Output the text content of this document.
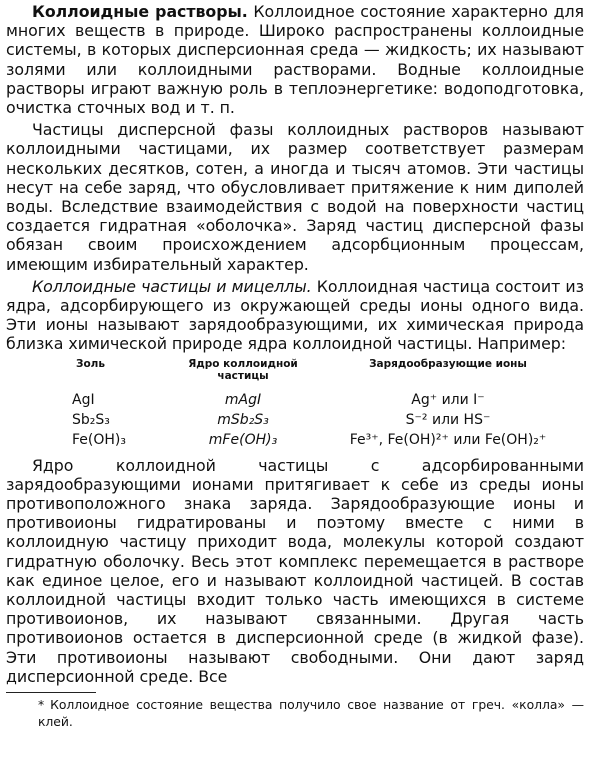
Коллоидные растворы. Коллоидное состояние характерно для многих веществ в природе. Широко распространены коллоидные системы, в которых дисперсионная среда — жидкость; их называют золями или коллоидными растворами. Водные коллоидные растворы играют важную роль в теплоэнергетике: водоподготовка, очистка сточных вод и т. п.

Частицы дисперсной фазы коллоидных растворов называют коллоидными частицами, их размер соответствует размерам нескольких десятков, сотен, а иногда и тысяч атомов. Эти частицы несут на себе заряд, что обусловливает притяжение к ним диполей воды. Вследствие взаимодействия с водой на поверхности частиц создается гидратная «оболочка». Заряд частиц дисперсной фазы обязан своим происхождением адсорбционным процессам, имеющим избирательный характер.

Коллоидные частицы и мицеллы. Коллоидная частица состоит из ядра, адсорбирующего из окружающей среды ионы одного вида. Эти ионы называют зарядообразующими, их химическая природа близка химической природе ядра коллоидной частицы. Например:

Золь	Ядро коллоидной частицы	Зарядообразующие ионы
AgI	mAgI	Ag⁺ или I⁻
Sb₂S₃	mSb₂S₃	S⁻² или HS⁻
Fe(OH)₃	mFe(OH)₃	Fe³⁺, Fe(OH)²⁺ или Fe(OH)₂⁺

Ядро коллоидной частицы с адсорбированными зарядообразующими ионами притягивает к себе из среды ионы противоположного знака заряда. Зарядообразующие ионы и противоионы гидратированы и поэтому вместе с ними в коллоидную частицу приходит вода, молекулы которой создают гидратную оболочку. Весь этот комплекс перемещается в растворе как единое целое, его и называют коллоидной частицей. В состав коллоидной частицы входит только часть имеющихся в системе противоионов, их называют связанными. Другая часть противоионов остается в дисперсионной среде (в жидкой фазе). Эти противоионы называют свободными. Они дают заряд дисперсионной среде. Все

* Коллоидное состояние вещества получило свое название от греч. «колла» — клей.
